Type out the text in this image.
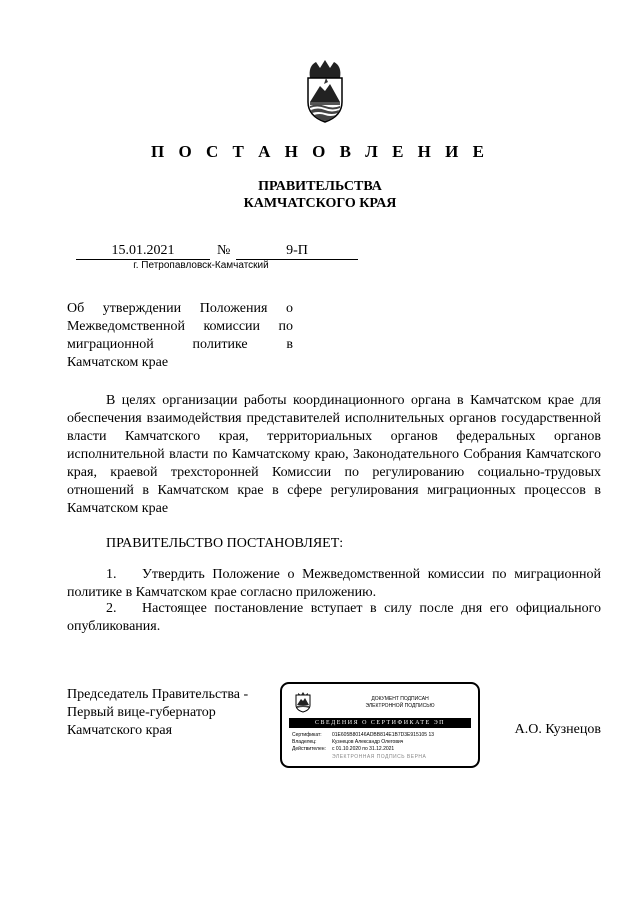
П О С Т А Н О В Л Е Н И Е
ПРАВИТЕЛЬСТВА
КАМЧАТСКОГО КРАЯ
15.01.2021	№	9-П
г. Петропавловск-Камчатский
Об утверждении Положения о
Межведомственной комиссии по
миграционной политике в
Камчатском крае
В целях организации работы координационного органа в Камчатском крае для обеспечения взаимодействия представителей исполнительных органов государственной власти Камчатского края, территориальных органов федеральных органов исполнительной власти по Камчатскому краю, Законодательного Собрания Камчатского края, краевой трехсторонней Комиссии по регулированию социально-трудовых отношений в Камчатском крае в сфере регулирования миграционных процессов в Камчатском крае
ПРАВИТЕЛЬСТВО ПОСТАНОВЛЯЕТ:
1. Утвердить Положение о Межведомственной комиссии по миграционной политике в Камчатском крае согласно приложению.
2. Настоящее постановление вступает в силу после дня его официального опубликования.
Председатель Правительства -
Первый вице-губернатор
Камчатского края
ДОКУМЕНТ ПОДПИСАН
ЭЛЕКТРОННОЙ ПОДПИСЬЮ
СВЕДЕНИЯ О СЕРТИФИКАТЕ ЭП
Сертификат: 01E605B80146ADBB814E1B7D3E915105 13
Владелец:	Кузнецов Александр Олегович
Действителен: с 01.10.2020 по 31.12.2021
ЭЛЕКТРОННАЯ ПОДПИСЬ ВЕРНА
А.О. Кузнецов
